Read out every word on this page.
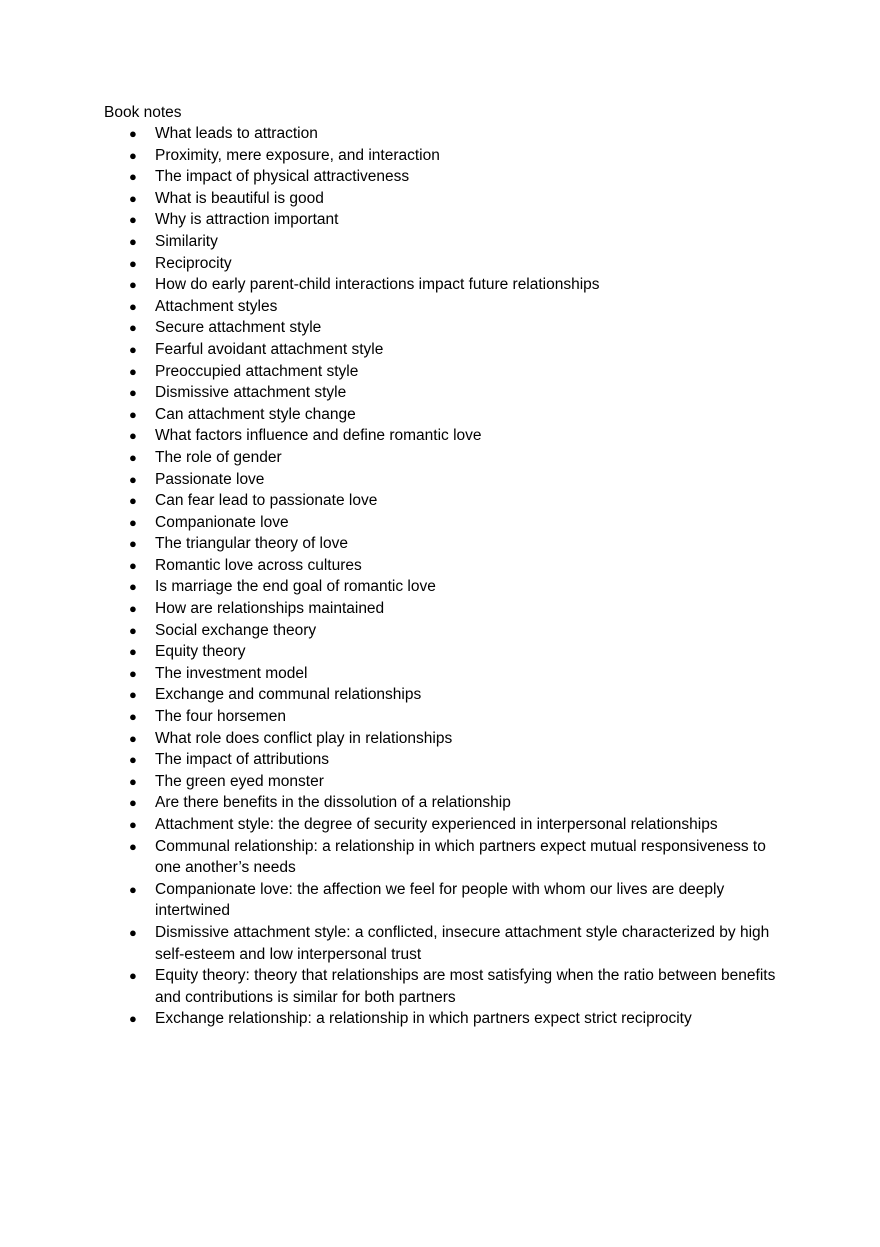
Book notes
● What leads to attraction
● Proximity, mere exposure, and interaction
● The impact of physical attractiveness
● What is beautiful is good
● Why is attraction important
● Similarity
● Reciprocity
● How do early parent-child interactions impact future relationships
● Attachment styles
● Secure attachment style
● Fearful avoidant attachment style
● Preoccupied attachment style
● Dismissive attachment style
● Can attachment style change
● What factors influence and define romantic love
● The role of gender
● Passionate love
● Can fear lead to passionate love
● Companionate love
● The triangular theory of love
● Romantic love across cultures
● Is marriage the end goal of romantic love
● How are relationships maintained
● Social exchange theory
● Equity theory
● The investment model
● Exchange and communal relationships
● The four horsemen
● What role does conflict play in relationships
● The impact of attributions
● The green eyed monster
● Are there benefits in the dissolution of a relationship
● Attachment style: the degree of security experienced in interpersonal relationships
● Communal relationship: a relationship in which partners expect mutual responsiveness to one another’s needs
● Companionate love: the affection we feel for people with whom our lives are deeply intertwined
● Dismissive attachment style: a conflicted, insecure attachment style characterized by high self-esteem and low interpersonal trust
● Equity theory: theory that relationships are most satisfying when the ratio between benefits and contributions is similar for both partners
● Exchange relationship: a relationship in which partners expect strict reciprocity
